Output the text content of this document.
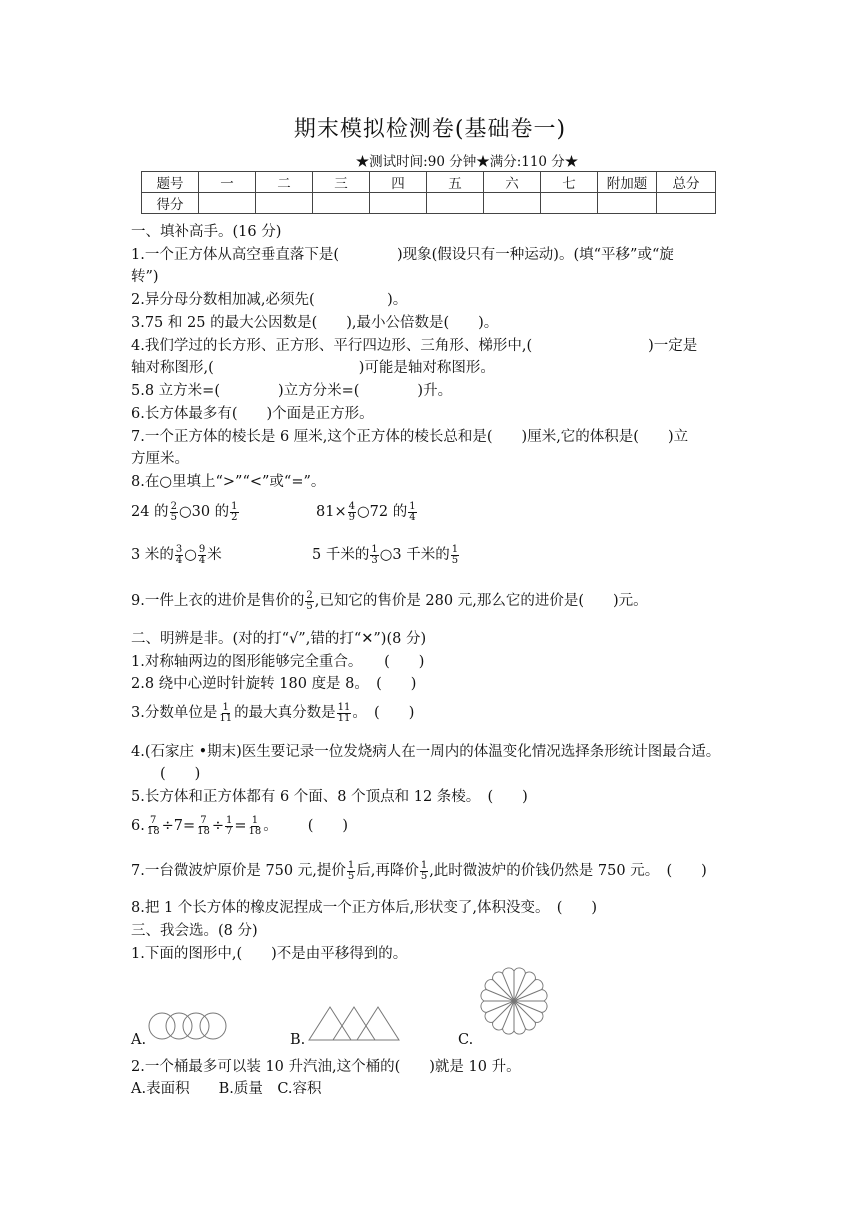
期末模拟检测卷(基础卷一)
★测试时间:90 分钟★满分:110 分★
题号	一	二	三	四	五	六	七	附加题	总分
得分									
一、填补高手。(16 分)
1.一个正方体从高空垂直落下是(　　　　)现象(假设只有一种运动)。(填“平移”或“旋
转”)
2.异分母分数相加减,必须先(　　　　　)。
3.75 和 25 的最大公因数是(　　),最小公倍数是(　　)。
4.我们学过的长方形、正方形、平行四边形、三角形、梯形中,(　　　　　　　　)一定是
轴对称图形,(　　　　　　　　　　)可能是轴对称图形。
5.8 立方米=(　　　　)立方分米=(　　　　)升。
6.长方体最多有(　　)个面是正方形。
7.一个正方体的棱长是 6 厘米,这个正方体的棱长总和是(　　)厘米,它的体积是(　　)立
方厘米。
8.在○里填上“>”“<”或“=”。
24 的 $\frac{2}{5}$ ○30 的 $\frac{1}{2}$	$81\times \frac{4}{9}$ ○72 的 $\frac{1}{4}$
3 米的 $\frac{3}{4}$ ○ $\frac{9}{4}$ 米	5 千米的 $\frac{1}{3}$ ○3 千米的 $\frac{1}{5}$
9.一件上衣的进价是售价的 $\frac{2}{5}$ ,已知它的售价是 280 元,那么它的进价是(　　)元。
二、明辨是非。(对的打“√”,错的打“✕”)(8 分)
1.对称轴两边的图形能够完全重合。　　(　　)
2.8 绕中心逆时针旋转 180 度是 8。　(　　)
3.分数单位是 $\frac{1}{11}$ 的最大真分数是 $\frac{11}{11}$ 。　(　　)
4.(石家庄 •期末)医生要记录一位发烧病人在一周内的体温变化情况选择条形统计图最合适。
(　　)
5.长方体和正方体都有 6 个面、8 个顶点和 12 条棱。　(　　)
6. $\frac{7}{18} \div 7= \frac{7}{18} \div \frac{1}{7} = \frac{1}{18}$ 。 (　　)
7.一台微波炉原价是 750 元,提价 $\frac{1}{5}$ 后,再降价 $\frac{1}{5}$ ,此时微波炉的价钱仍然是 750 元。　(　　)
8.把 1 个长方体的橡皮泥捏成一个正方体后,形状变了,体积没变。　(　　)
三、我会选。(8 分)
1.下面的图形中,(　　)不是由平移得到的。
A.	B.	C.
2.一个桶最多可以装 10 升汽油,这个桶的(　　)就是 10 升。
A.表面积　　B.质量　C.容积
